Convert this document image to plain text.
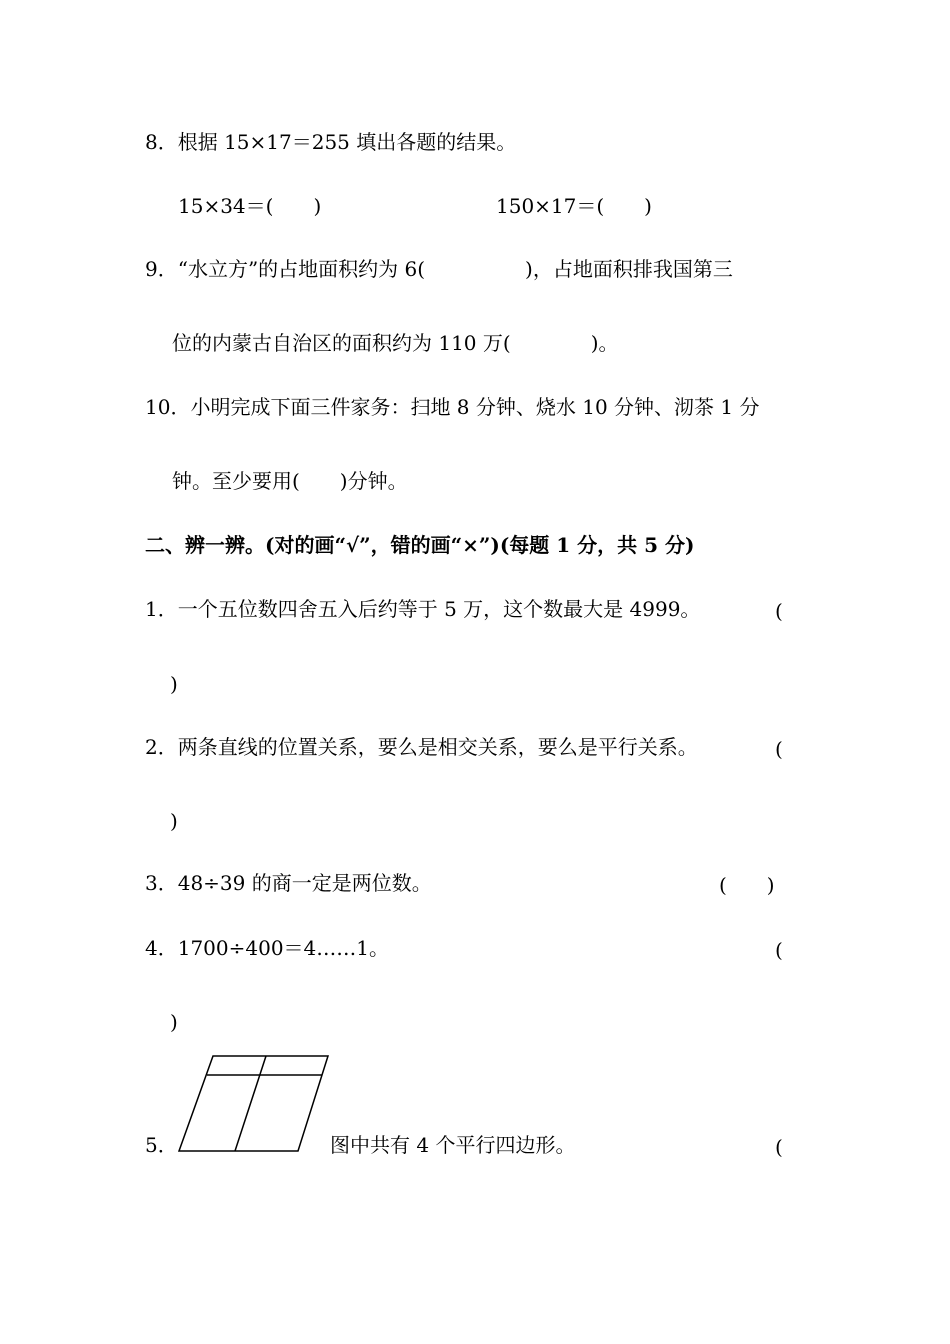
8．根据 15×17＝255 填出各题的结果。
15×34＝(　　)	150×17＝(　　)
9．“水立方”的占地面积约为 6(　　　　　)，占地面积排我国第三
位的内蒙古自治区的面积约为 110 万(　　　　)。
10．小明完成下面三件家务：扫地 8 分钟、烧水 10 分钟、沏茶 1 分
钟。至少要用(　　)分钟。
二、辨一辨。(对的画“√”，错的画“×”)(每题 1 分，共 5 分)
1．一个五位数四舍五入后约等于 5 万，这个数最大是 4999。	(
)
2．两条直线的位置关系，要么是相交关系，要么是平行关系。	(
)
3．48÷39 的商一定是两位数。	(　　)
4．1700÷400＝4……1。	(
)
5．	图中共有 4 个平行四边形。	(
